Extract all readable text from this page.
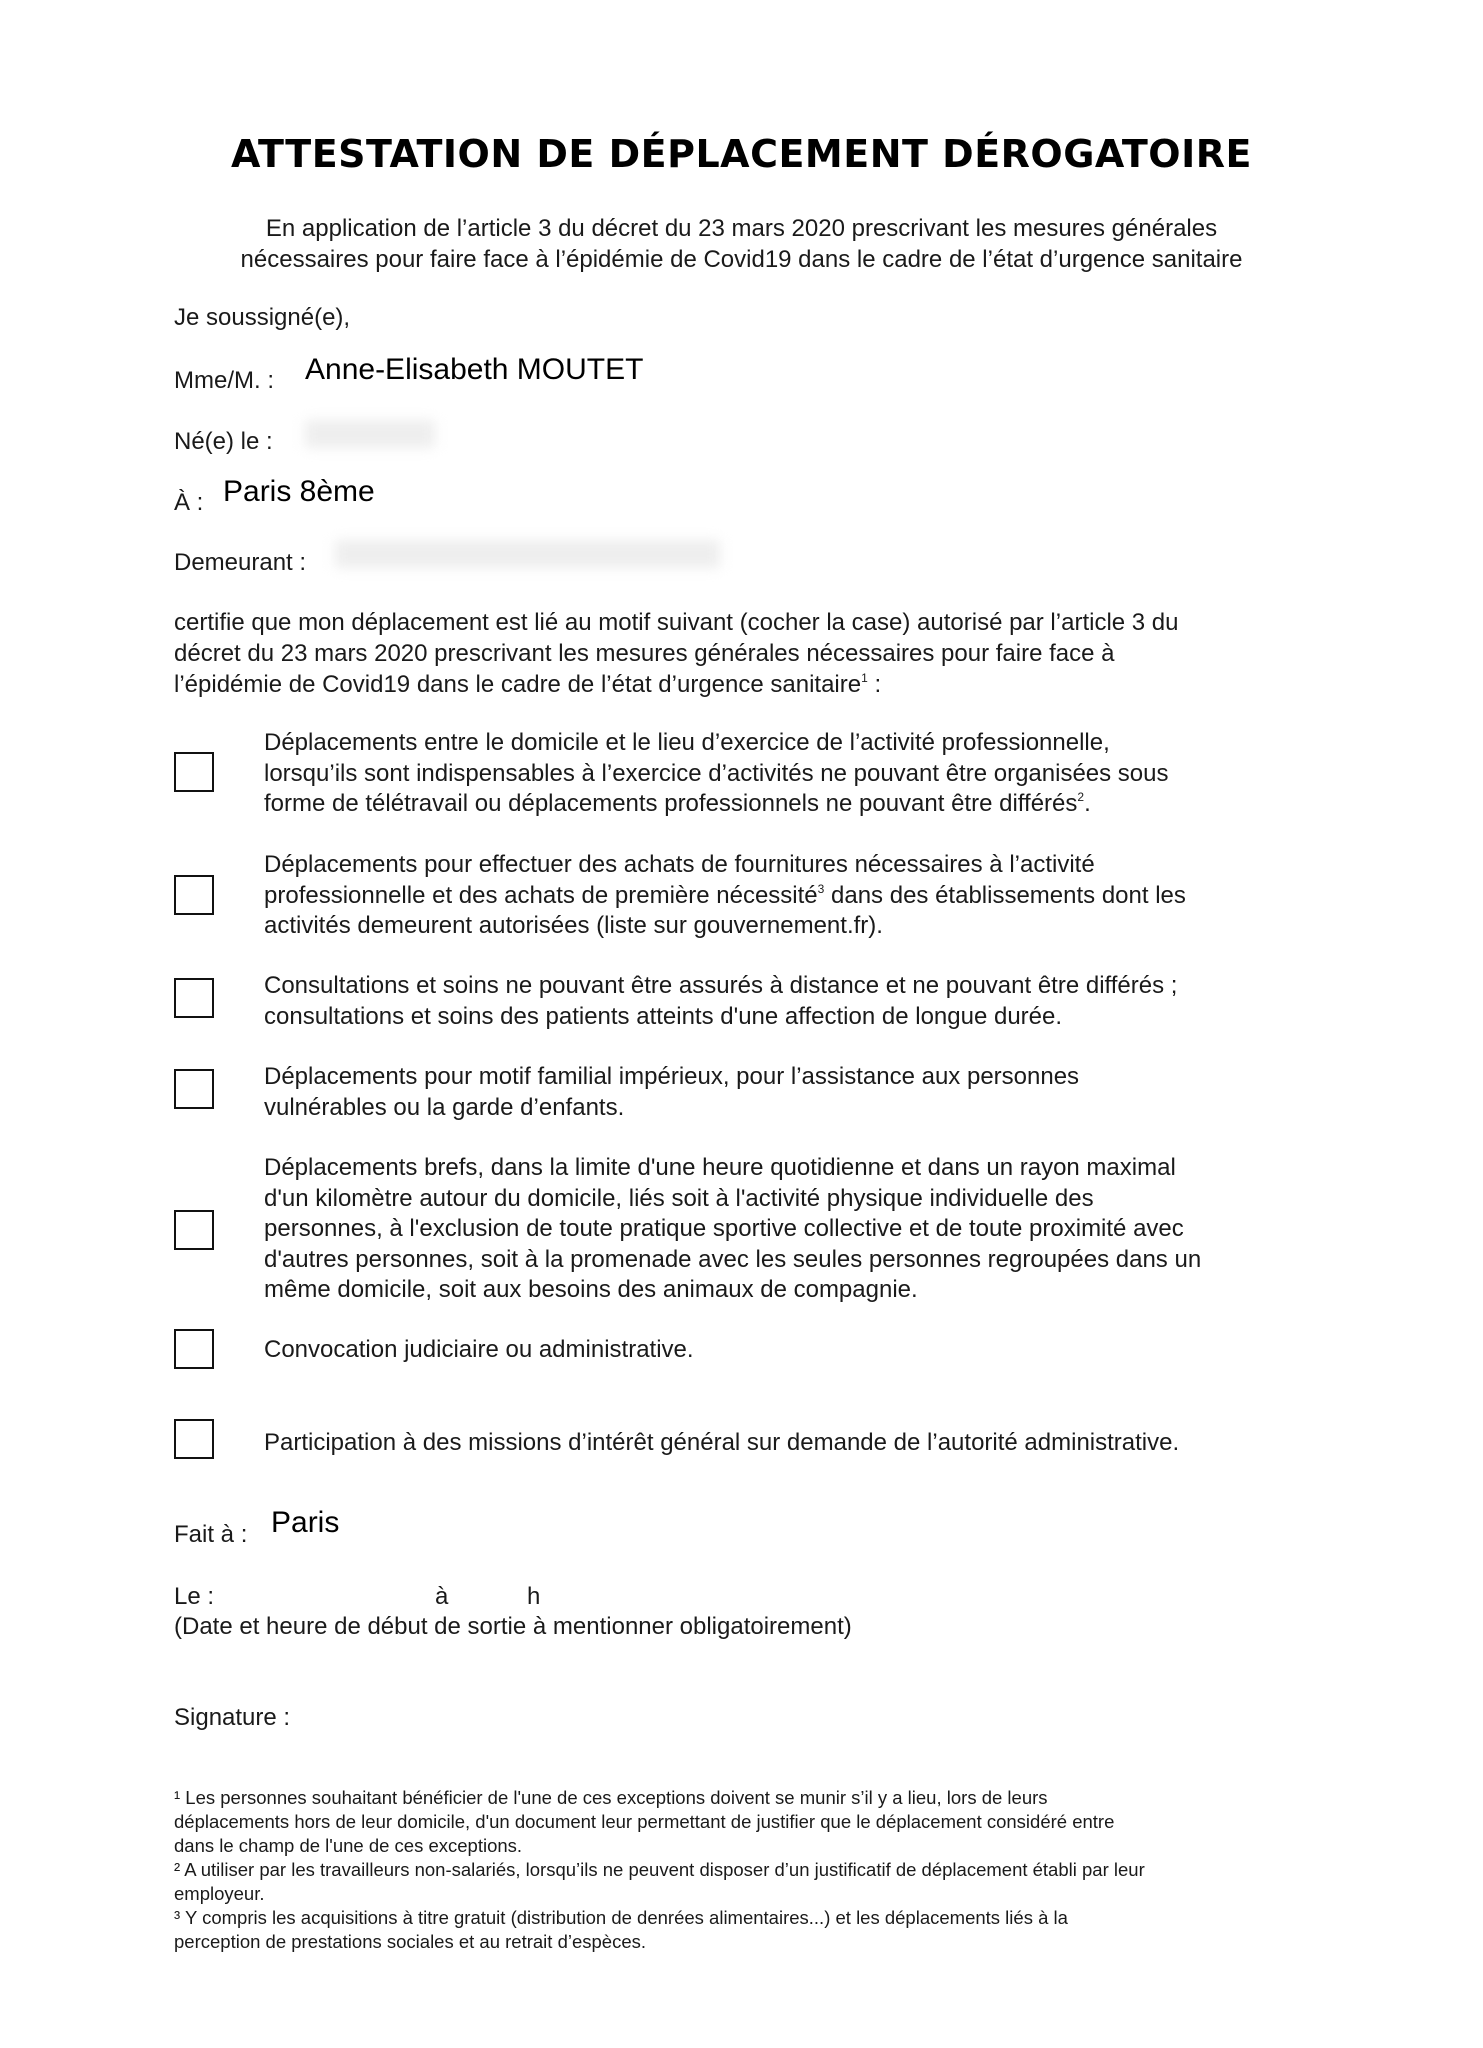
ATTESTATION DE DÉPLACEMENT DÉROGATOIRE
En application de l’article 3 du décret du 23 mars 2020 prescrivant les mesures générales
nécessaires pour faire face à l’épidémie de Covid19 dans le cadre de l’état d’urgence sanitaire
Je soussigné(e),
Mme/M. : Anne-Elisabeth MOUTET
Né(e) le :
À : Paris 8ème
Demeurant :
certifie que mon déplacement est lié au motif suivant (cocher la case) autorisé par l’article 3 du
décret du 23 mars 2020 prescrivant les mesures générales nécessaires pour faire face à
l’épidémie de Covid19 dans le cadre de l’état d’urgence sanitaire$^1$ :
Déplacements entre le domicile et le lieu d’exercice de l’activité professionnelle,
lorsqu’ils sont indispensables à l’exercice d’activités ne pouvant être organisées sous
forme de télétravail ou déplacements professionnels ne pouvant être différés$^2$.
Déplacements pour effectuer des achats de fournitures nécessaires à l’activité
professionnelle et des achats de première nécessité$^3$ dans des établissements dont les
activités demeurent autorisées (liste sur gouvernement.fr).
Consultations et soins ne pouvant être assurés à distance et ne pouvant être différés ;
consultations et soins des patients atteints d'une affection de longue durée.
Déplacements pour motif familial impérieux, pour l’assistance aux personnes
vulnérables ou la garde d’enfants.
Déplacements brefs, dans la limite d'une heure quotidienne et dans un rayon maximal
d'un kilomètre autour du domicile, liés soit à l'activité physique individuelle des
personnes, à l'exclusion de toute pratique sportive collective et de toute proximité avec
d'autres personnes, soit à la promenade avec les seules personnes regroupées dans un
même domicile, soit aux besoins des animaux de compagnie.
Convocation judiciaire ou administrative.
Participation à des missions d’intérêt général sur demande de l’autorité administrative.
Fait à : Paris
Le :	à	h
(Date et heure de début de sortie à mentionner obligatoirement)
Signature :
¹ Les personnes souhaitant bénéficier de l'une de ces exceptions doivent se munir s’il y a lieu, lors de leurs
déplacements hors de leur domicile, d'un document leur permettant de justifier que le déplacement considéré entre
dans le champ de l'une de ces exceptions.
² A utiliser par les travailleurs non-salariés, lorsqu’ils ne peuvent disposer d’un justificatif de déplacement établi par leur
employeur.
³ Y compris les acquisitions à titre gratuit (distribution de denrées alimentaires...) et les déplacements liés à la
perception de prestations sociales et au retrait d’espèces.
